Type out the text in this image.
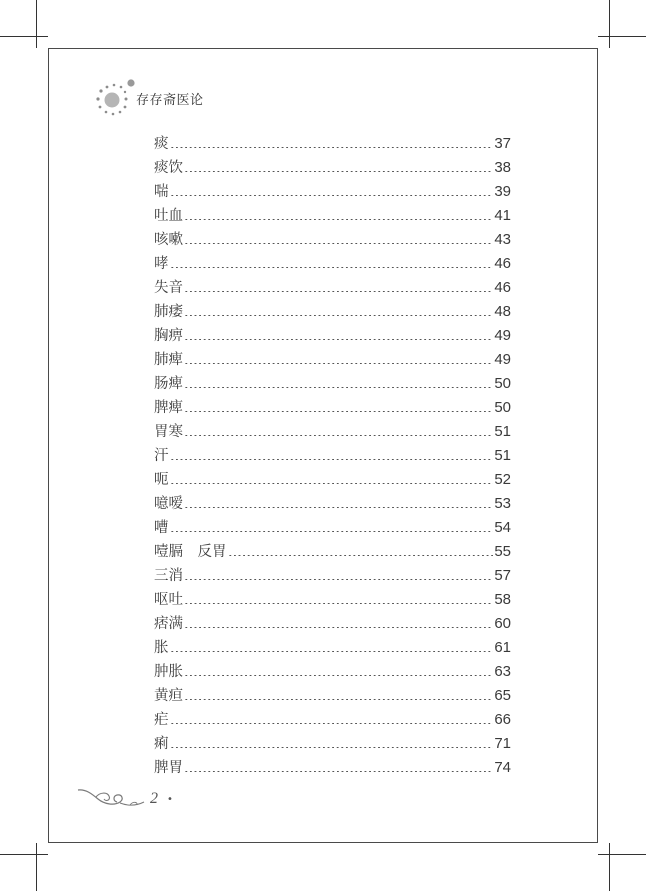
存存斋医论
痰	37
痰饮	38
喘	39
吐血	41
咳嗽	43
哮	46
失音	46
肺痿	48
胸痹	49
肺痺	49
肠痺	50
脾痺	50
胃寒	51
汗	51
呃	52
噫嗳	53
嘈	54
噎膈　反胃	55
三消	57
呕吐	58
痞满	60
胀	61
肿胀	63
黄疸	65
疟	66
痢	71
脾胃	74
2 •
